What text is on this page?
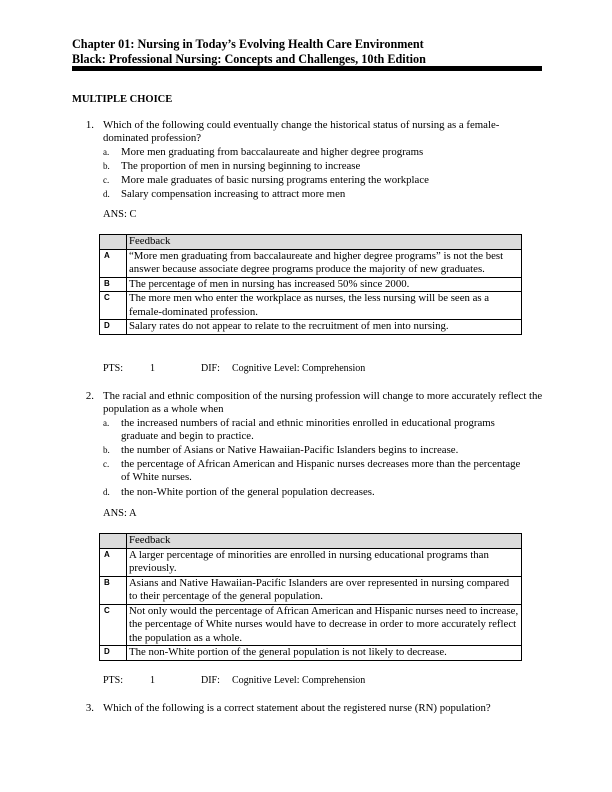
Chapter 01: Nursing in Today’s Evolving Health Care Environment
Black: Professional Nursing: Concepts and Challenges, 10th Edition
MULTIPLE CHOICE
1. Which of the following could eventually change the historical status of nursing as a female-dominated profession?
a. More men graduating from baccalaureate and higher degree programs
b. The proportion of men in nursing beginning to increase
c. More male graduates of basic nursing programs entering the workplace
d. Salary compensation increasing to attract more men
ANS: C
	Feedback
A	“More men graduating from baccalaureate and higher degree programs” is not the best answer because associate degree programs produce the majority of new graduates.
B	The percentage of men in nursing has increased 50% since 2000.
C	The more men who enter the workplace as nurses, the less nursing will be seen as a female-dominated profession.
D	Salary rates do not appear to relate to the recruitment of men into nursing.
PTS:	1	DIF: Cognitive Level: Comprehension
2. The racial and ethnic composition of the nursing profession will change to more accurately reflect the population as a whole when
a. the increased numbers of racial and ethnic minorities enrolled in educational programs graduate and begin to practice.
b. the number of Asians or Native Hawaiian-Pacific Islanders begins to increase.
c. the percentage of African American and Hispanic nurses decreases more than the percentage of White nurses.
d. the non-White portion of the general population decreases.
ANS: A
	Feedback
A	A larger percentage of minorities are enrolled in nursing educational programs than previously.
B	Asians and Native Hawaiian-Pacific Islanders are over represented in nursing compared to their percentage of the general population.
C	Not only would the percentage of African American and Hispanic nurses need to increase, the percentage of White nurses would have to decrease in order to more accurately reflect the population as a whole.
D	The non-White portion of the general population is not likely to decrease.
PTS:	1	DIF: Cognitive Level: Comprehension
3. Which of the following is a correct statement about the registered nurse (RN) population?
